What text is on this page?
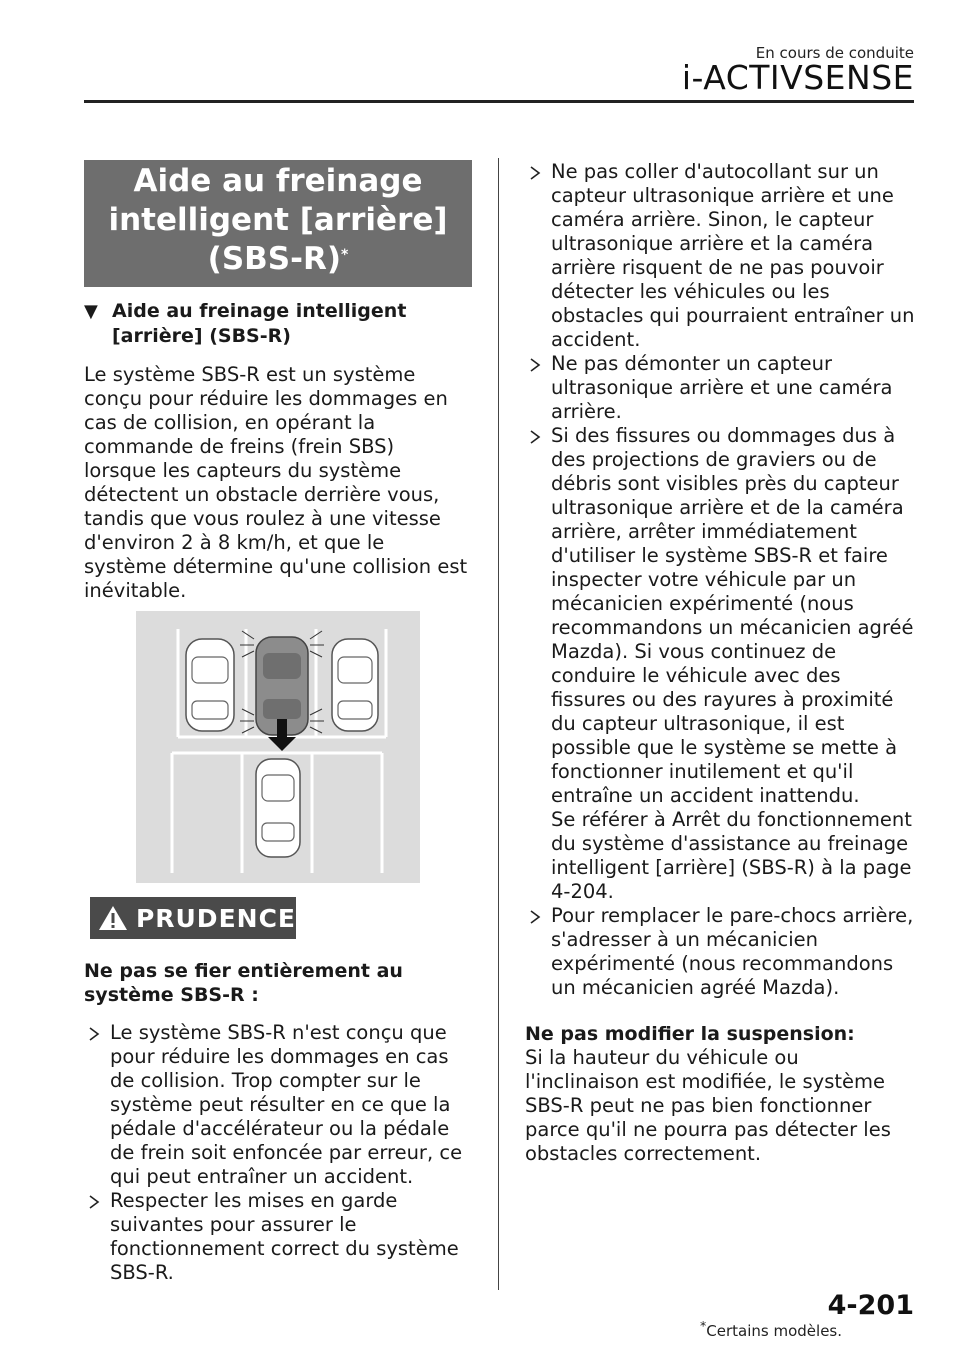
En cours de conduite
i-ACTIVSENSE
Aide au freinage
intelligent [arrière]
(SBS-R)*
▼ Aide au freinage intelligent [arrière] (SBS-R)
Le système SBS-R est un système conçu pour réduire les dommages en cas de collision, en opérant la commande de freins (frein SBS) lorsque les capteurs du système détectent un obstacle derrière vous, tandis que vous roulez à une vitesse d'environ 2 à 8 km/h, et que le système détermine qu'une collision est inévitable.
PRUDENCE
Ne pas se fier entièrement au système SBS-R :
Le système SBS-R n'est conçu que pour réduire les dommages en cas de collision. Trop compter sur le système peut résulter en ce que la pédale d'accélérateur ou la pédale de frein soit enfoncée par erreur, ce qui peut entraîner un accident.
Respecter les mises en garde suivantes pour assurer le fonctionnement correct du système SBS-R.
Ne pas coller d'autocollant sur un capteur ultrasonique arrière et une caméra arrière. Sinon, le capteur ultrasonique arrière et la caméra arrière risquent de ne pas pouvoir détecter les véhicules ou les obstacles qui pourraient entraîner un accident.
Ne pas démonter un capteur ultrasonique arrière et une caméra arrière.
Si des fissures ou dommages dus à des projections de graviers ou de débris sont visibles près du capteur ultrasonique arrière et de la caméra arrière, arrêter immédiatement d'utiliser le système SBS-R et faire inspecter votre véhicule par un mécanicien expérimenté (nous recommandons un mécanicien agréé Mazda). Si vous continuez de conduire le véhicule avec des fissures ou des rayures à proximité du capteur ultrasonique, il est possible que le système se mette à fonctionner inutilement et qu'il entraîne un accident inattendu.
Se référer à Arrêt du fonctionnement du système d'assistance au freinage intelligent [arrière] (SBS-R) à la page 4-204.
Pour remplacer le pare-chocs arrière, s'adresser à un mécanicien expérimenté (nous recommandons un mécanicien agréé Mazda).
Ne pas modifier la suspension:
Si la hauteur du véhicule ou l'inclinaison est modifiée, le système SBS-R peut ne pas bien fonctionner parce qu'il ne pourra pas détecter les obstacles correctement.
*Certains modèles.
4-201
